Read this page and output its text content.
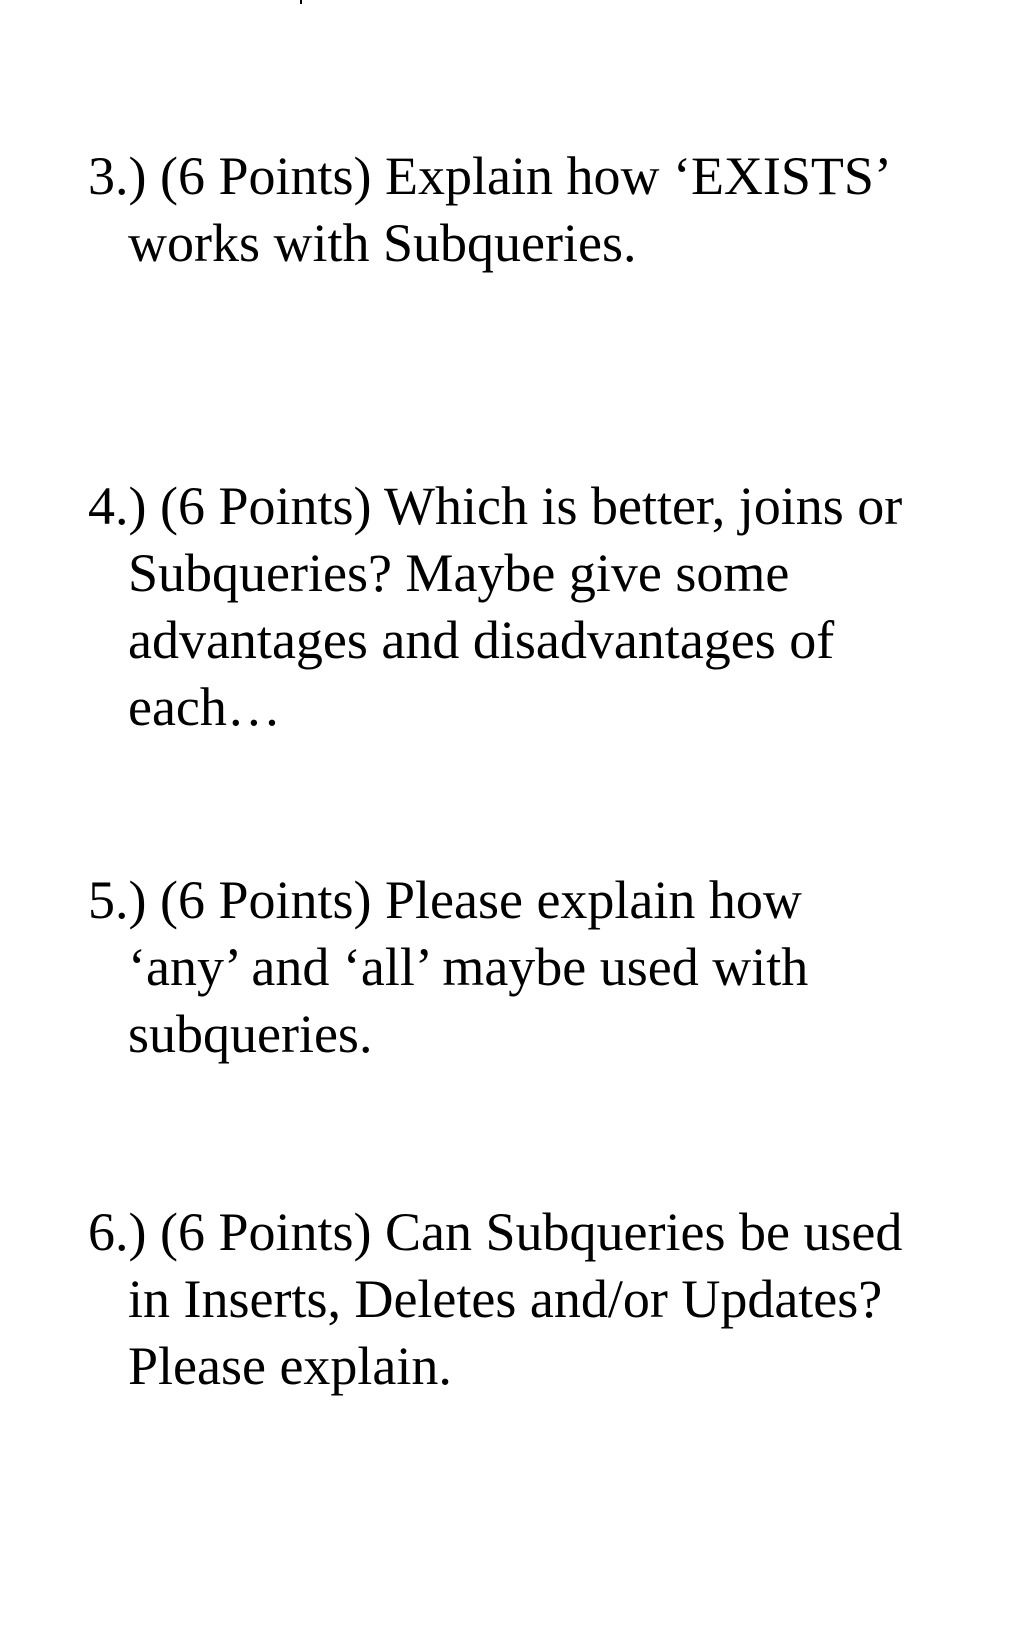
3.) (6 Points) Explain how ‘EXISTS’
works with Subqueries.
4.) (6 Points) Which is better, joins or
Subqueries? Maybe give some
advantages and disadvantages of
each…
5.) (6 Points) Please explain how
‘any’ and ‘all’ maybe used with
subqueries.
6.) (6 Points) Can Subqueries be used
in Inserts, Deletes and/or Updates?
Please explain.
